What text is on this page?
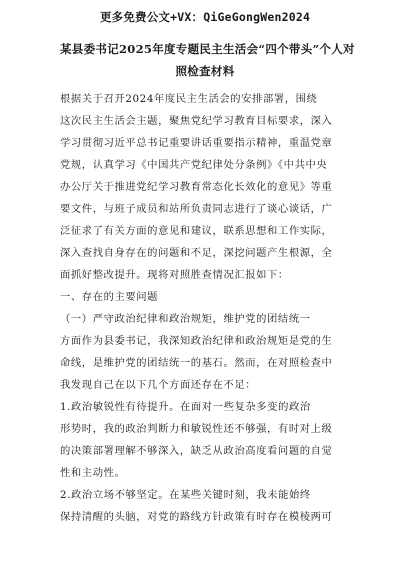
更多免费公文+VX：QiGeGongWen2024
某县委书记2025年度专题民主生活会“四个带头”个人对
照检查材料

根据关于召开2024年度民主生活会的安排部署，围绕
这次民主生活会主题，聚焦党纪学习教育目标要求，深入
学习贯彻习近平总书记重要讲话重要指示精神，重温党章
党规，认真学习《中国共产党纪律处分条例》《中共中央
办公厅关于推进党纪学习教育常态化长效化的意见》等重
要文件，与班子成员和站所负责同志进行了谈心谈话，广
泛征求了有关方面的意见和建议，联系思想和工作实际，
深入查找自身存在的问题和不足，深挖问题产生根源，全
面抓好整改提升。现将对照胜查情况汇报如下：

一、存在的主要问题

（一）严守政治纪律和政治规矩，维护党的团结统一
方面作为县委书记，我深知政治纪律和政治规矩是党的生
命线，是维护党的团结统一的基石。然而，在对照检查中
我发现自己在以下几个方面还存在不足：

1.政治敏锐性有待提升。在面对一些复杂多变的政治
形势时，我的政治判断力和敏锐性还不够强，有时对上级
的决策部署理解不够深入，缺乏从政治高度看问题的自觉
性和主动性。

2.政治立场不够坚定。在某些关键时刻，我未能始终
保持清醒的头脑，对党的路线方针政策有时存在模棱两可
